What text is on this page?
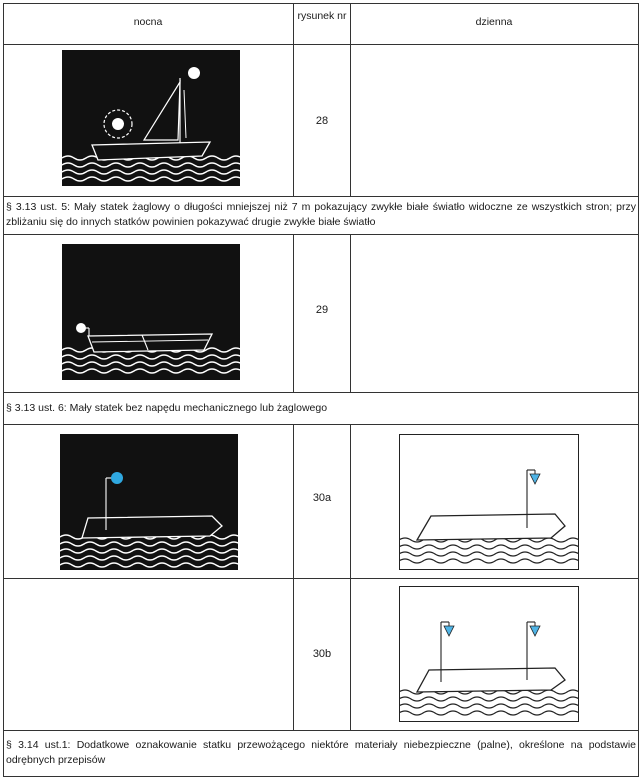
nocna	rysunek nr	dzienna
28
§ 3.13 ust. 5: Mały statek żaglowy o długości mniejszej niż 7 m pokazujący zwykłe białe światło widoczne ze wszystkich stron; przy zbliżaniu się do innych statków powinien pokazywać drugie zwykłe białe światło
29
§ 3.13 ust. 6: Mały statek bez napędu mechanicznego lub żaglowego
30a
30b
§ 3.14 ust.1: Dodatkowe oznakowanie statku przewożącego niektóre materiały niebezpieczne (palne), określone na podstawie odrębnych przepisów
